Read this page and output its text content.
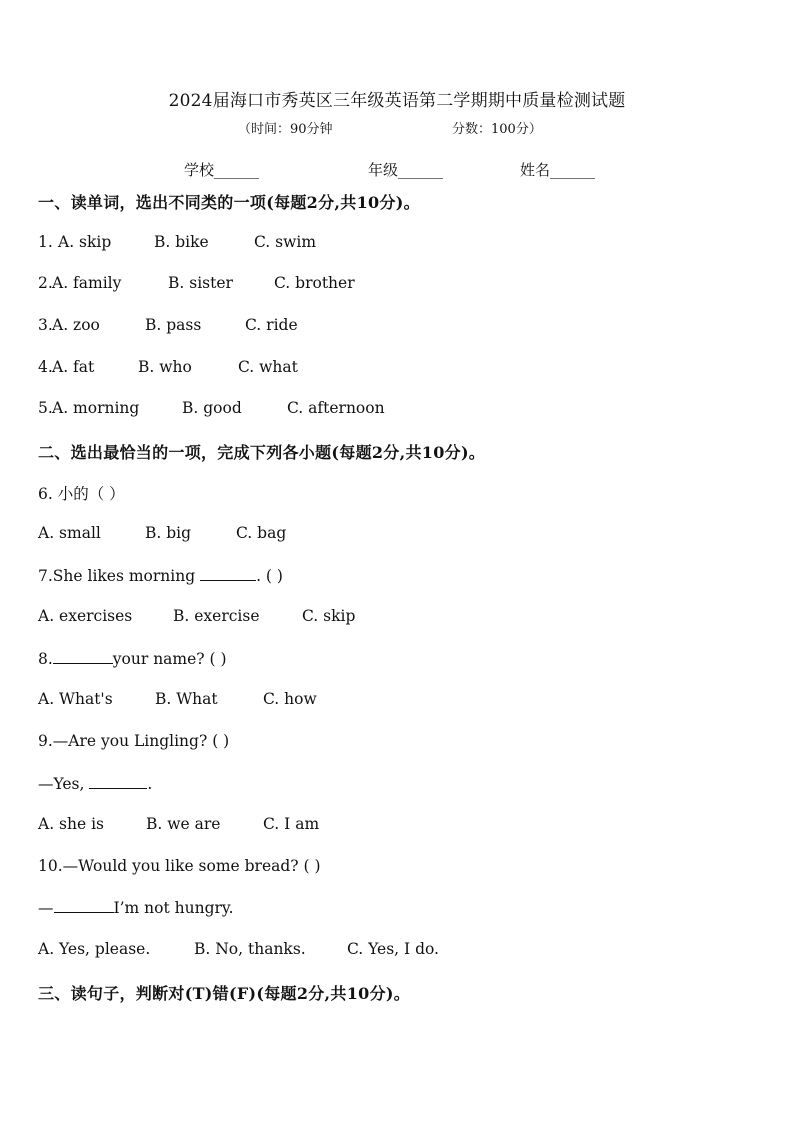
2024届海口市秀英区三年级英语第二学期期中质量检测试题
（时间：90分钟	分数：100分）
学校______	年级______	姓名______
一、读单词，选出不同类的一项(每题2分,共10分)。
1. A. skip	B. bike	C. swim
2. A. family	B. sister	C. brother
3. A. zoo	B. pass	C. ride
4. A. fat	B. who	C. what
5. A. morning	B. good	C. afternoon
二、选出最恰当的一项，完成下列各小题(每题2分,共10分)。
6. 小的（ ）
A. small	B. big	C. bag
7.She likes morning	. ( )
A. exercises	B. exercise	C. skip
8.	your name? ( )
A. What's	B. What	C. how
9.—Are you Lingling? ( )
—Yes,	.
A. she is	B. we are	C. I am
10.—Would you like some bread? ( )
—	I’m not hungry.
A. Yes, please.	B. No, thanks.	C. Yes, I do.
三、读句子，判断对(T)错(F)(每题2分,共10分)。
